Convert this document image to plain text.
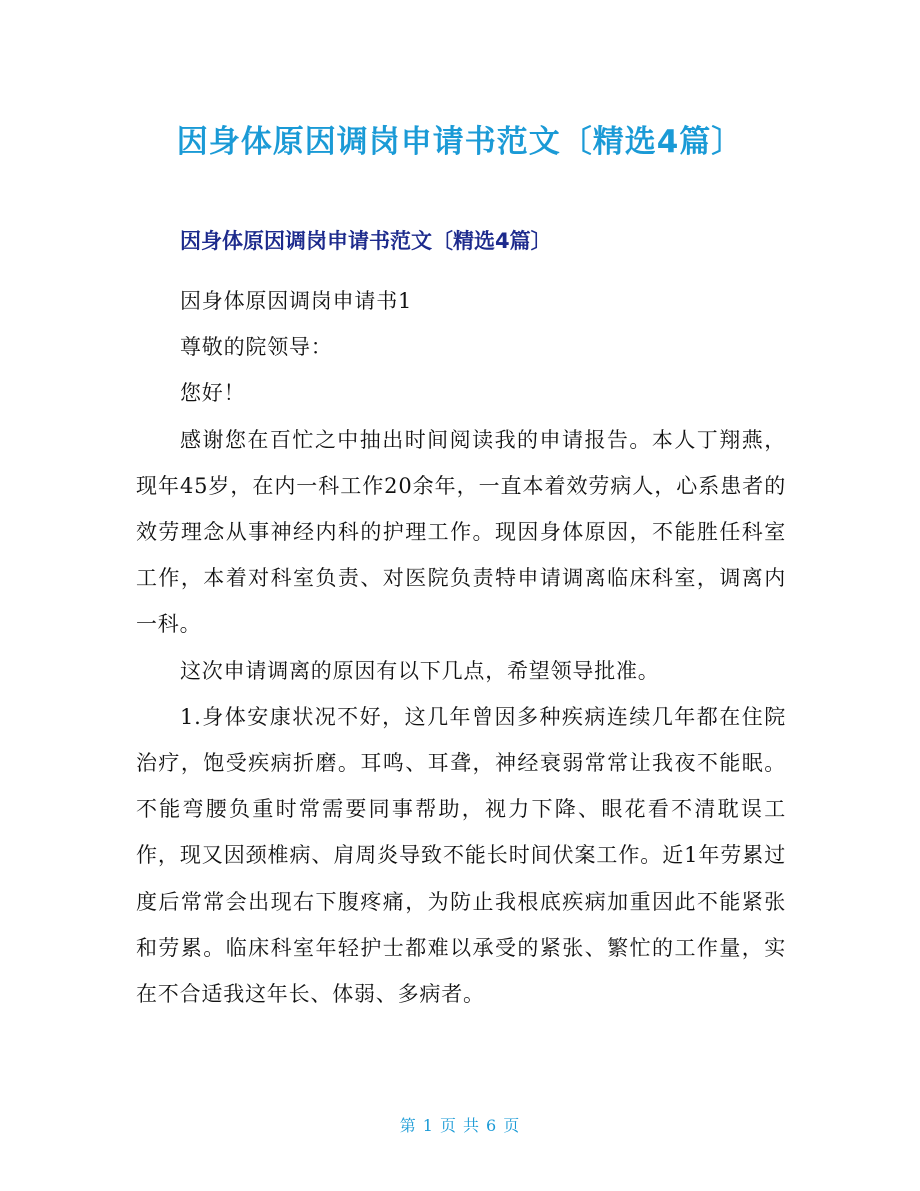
因身体原因调岗申请书范文〔精选4篇〕
因身体原因调岗申请书范文〔精选4篇〕

因身体原因调岗申请书1

尊敬的院领导：

您好！

感谢您在百忙之中抽出时间阅读我的申请报告。本人丁翔燕，现年45岁，在内一科工作20余年，一直本着效劳病人，心系患者的效劳理念从事神经内科的护理工作。现因身体原因，不能胜任科室工作，本着对科室负责、对医院负责特申请调离临床科室，调离内一科。

这次申请调离的原因有以下几点，希望领导批准。

1.身体安康状况不好，这几年曾因多种疾病连续几年都在住院治疗，饱受疾病折磨。耳鸣、耳聋，神经衰弱常常让我夜不能眠。不能弯腰负重时常需要同事帮助，视力下降、眼花看不清耽误工作，现又因颈椎病、肩周炎导致不能长时间伏案工作。近1年劳累过度后常常会出现右下腹疼痛，为防止我根底疾病加重因此不能紧张和劳累。临床科室年轻护士都难以承受的紧张、繁忙的工作量，实在不合适我这年长、体弱、多病者。

第 1 页 共 6 页
